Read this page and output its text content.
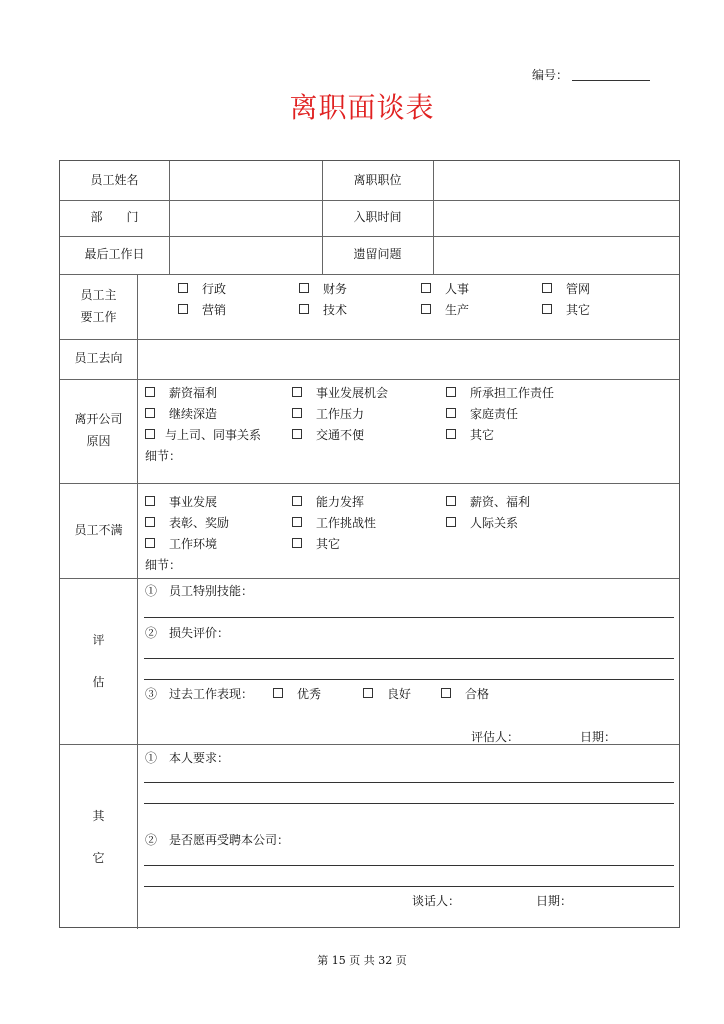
编号：
离职面谈表
员工姓名	离职职位
部　　门	入职时间
最后工作日	遗留问题
员工主
要工作
行政	财务	人事	管网
营销	技术	生产	其它
员工去向
离开公司
原因
薪资福利	事业发展机会	所承担工作责任
继续深造	工作压力	家庭责任
与上司、同事关系	交通不便	其它
细节：
员工不满
事业发展	能力发挥	薪资、福利
表彰、奖励	工作挑战性	人际关系
工作环境	其它
细节：
评
估
①　员工特别技能：
②　损失评价：
③　过去工作表现：	优秀	良好	合格
评估人：	日期：
其
它
①　本人要求：
②　是否愿再受聘本公司：
谈话人：	日期：
第 15 页 共 32 页
